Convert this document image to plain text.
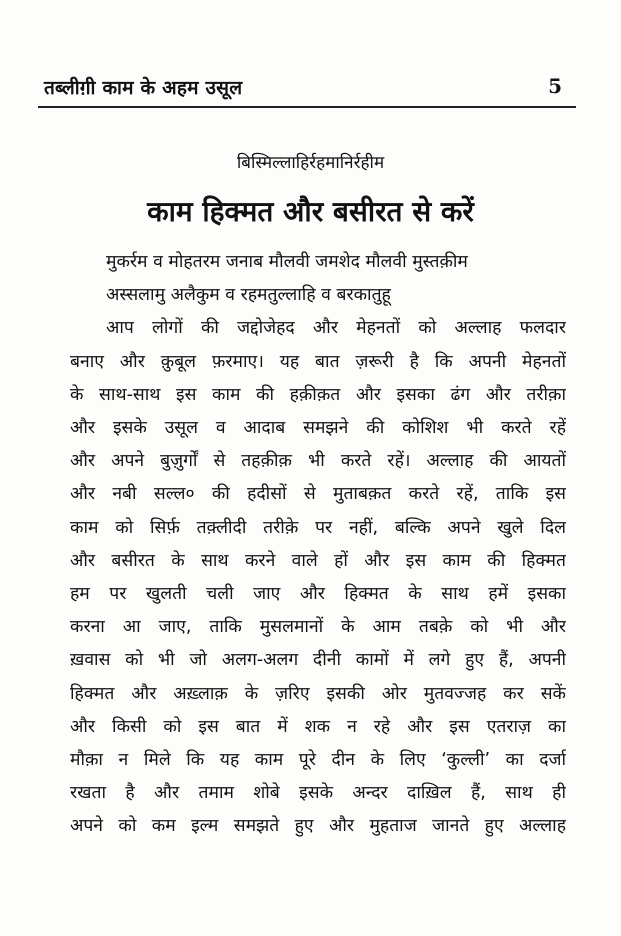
तब्लीग़ी काम के अहम उसूल	5
बिस्मिल्लाहिर्रहमानिर्रहीम
काम हिक्मत और बसीरत से करें
मुकर्रम व मोहतरम जनाब मौलवी जमशेद मौलवी मुस्तक़ीम
अस्सलामु अलैकुम व रहमतुल्लाहि व बरकातुहू
आप लोगों की जद्दोजेहद और मेहनतों को अल्लाह फलदार
बनाए और क़ुबूल फ़रमाए। यह बात ज़रूरी है कि अपनी मेहनतों
के साथ-साथ इस काम की हक़ीक़त और इसका ढंग और तरीक़ा
और इसके उसूल व आदाब समझने की कोशिश भी करते रहें
और अपने बुज़ुर्गों से तहक़ीक़ भी करते रहें। अल्लाह की आयतों
और नबी सल्ल० की हदीसों से मुताबक़त करते रहें, ताकि इस
काम को सिर्फ़ तक़्लीदी तरीक़े पर नहीं, बल्कि अपने खुले दिल
और बसीरत के साथ करने वाले हों और इस काम की हिक्मत
हम पर खुलती चली जाए और हिक्मत के साथ हमें इसका
करना आ जाए, ताकि मुसलमानों के आम तबक़े को भी और
ख़वास को भी जो अलग-अलग दीनी कामों में लगे हुए हैं, अपनी
हिक्मत और अख़्लाक़ के ज़रिए इसकी ओर मुतवज्जह कर सकें
और किसी को इस बात में शक न रहे और इस एतराज़ का
मौक़ा न मिले कि यह काम पूरे दीन के लिए ‘कुल्ली’ का दर्जा
रखता है और तमाम शोबे इसके अन्दर दाख़िल हैं, साथ ही
अपने को कम इल्म समझते हुए और मुहताज जानते हुए अल्लाह
